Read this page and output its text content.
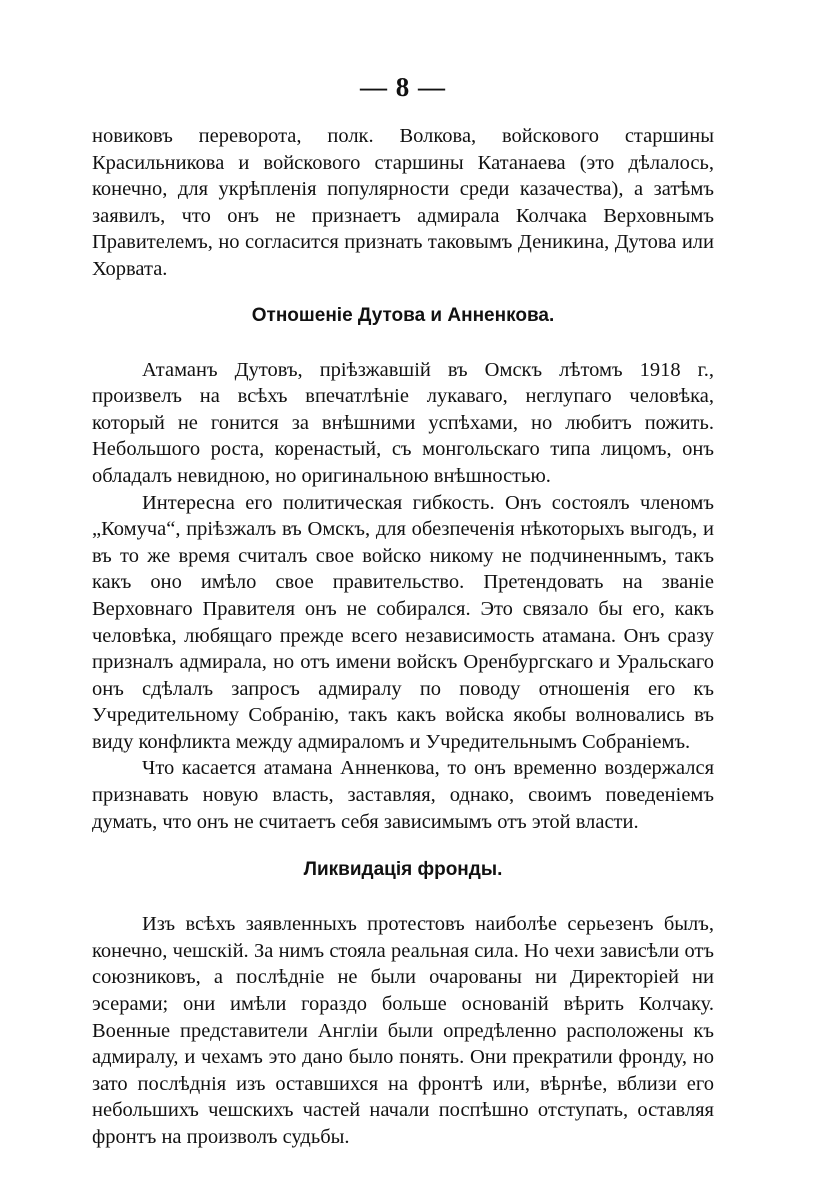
— 8 —

новиковъ переворота, полк. Волкова, войскового старшины Красильникова и войскового старшины Катанаева (это дѣлалось, конечно, для укрѣпленія популярности среди казачества), а затѣмъ заявилъ, что онъ не признаетъ адмирала Колчака Верховнымъ Правителемъ, но согласится признать таковымъ Деникина, Дутова или Хорвата.

Отношеніе Дутова и Анненкова.

Атаманъ Дутовъ, пріѣзжавшій въ Омскъ лѣтомъ 1918 г., произвелъ на всѣхъ впечатлѣніе лукаваго, неглупаго человѣка, который не гонится за внѣшними успѣхами, но любитъ пожить. Небольшого роста, коренастый, съ монгольскаго типа лицомъ, онъ обладалъ невидною, но оригинальною внѣшностью.

Интересна его политическая гибкость. Онъ состоялъ членомъ „Комуча“, пріѣзжалъ въ Омскъ, для обезпеченія нѣкоторыхъ выгодъ, и въ то же время считалъ свое войско никому не подчиненнымъ, такъ какъ оно имѣло свое правительство. Претендовать на званіе Верховнаго Правителя онъ не собирался. Это связало бы его, какъ человѣка, любящаго прежде всего независимость атамана. Онъ сразу призналъ адмирала, но отъ имени войскъ Оренбургскаго и Уральскаго онъ сдѣлалъ запросъ адмиралу по поводу отношенія его къ Учредительному Собранію, такъ какъ войска якобы волновались въ виду конфликта между адмираломъ и Учредительнымъ Собраніемъ.

Что касается атамана Анненкова, то онъ временно воздержался признавать новую власть, заставляя, однако, своимъ поведеніемъ думать, что онъ не считаетъ себя зависимымъ отъ этой власти.

Ликвидація фронды.

Изъ всѣхъ заявленныхъ протестовъ наиболѣе серьезенъ былъ, конечно, чешскій. За нимъ стояла реальная сила. Но чехи зависѣли отъ союзниковъ, а послѣдніе не были очарованы ни Директоріей ни эсерами; они имѣли гораздо больше основаній вѣрить Колчаку. Военные представители Англіи были опредѣленно расположены къ адмиралу, и чехамъ это дано было понять. Они прекратили фронду, но зато послѣднія изъ оставшихся на фронтѣ или, вѣрнѣе, вблизи его небольшихъ чешскихъ частей начали поспѣшно отступать, оставляя фронтъ на произволъ судьбы.
